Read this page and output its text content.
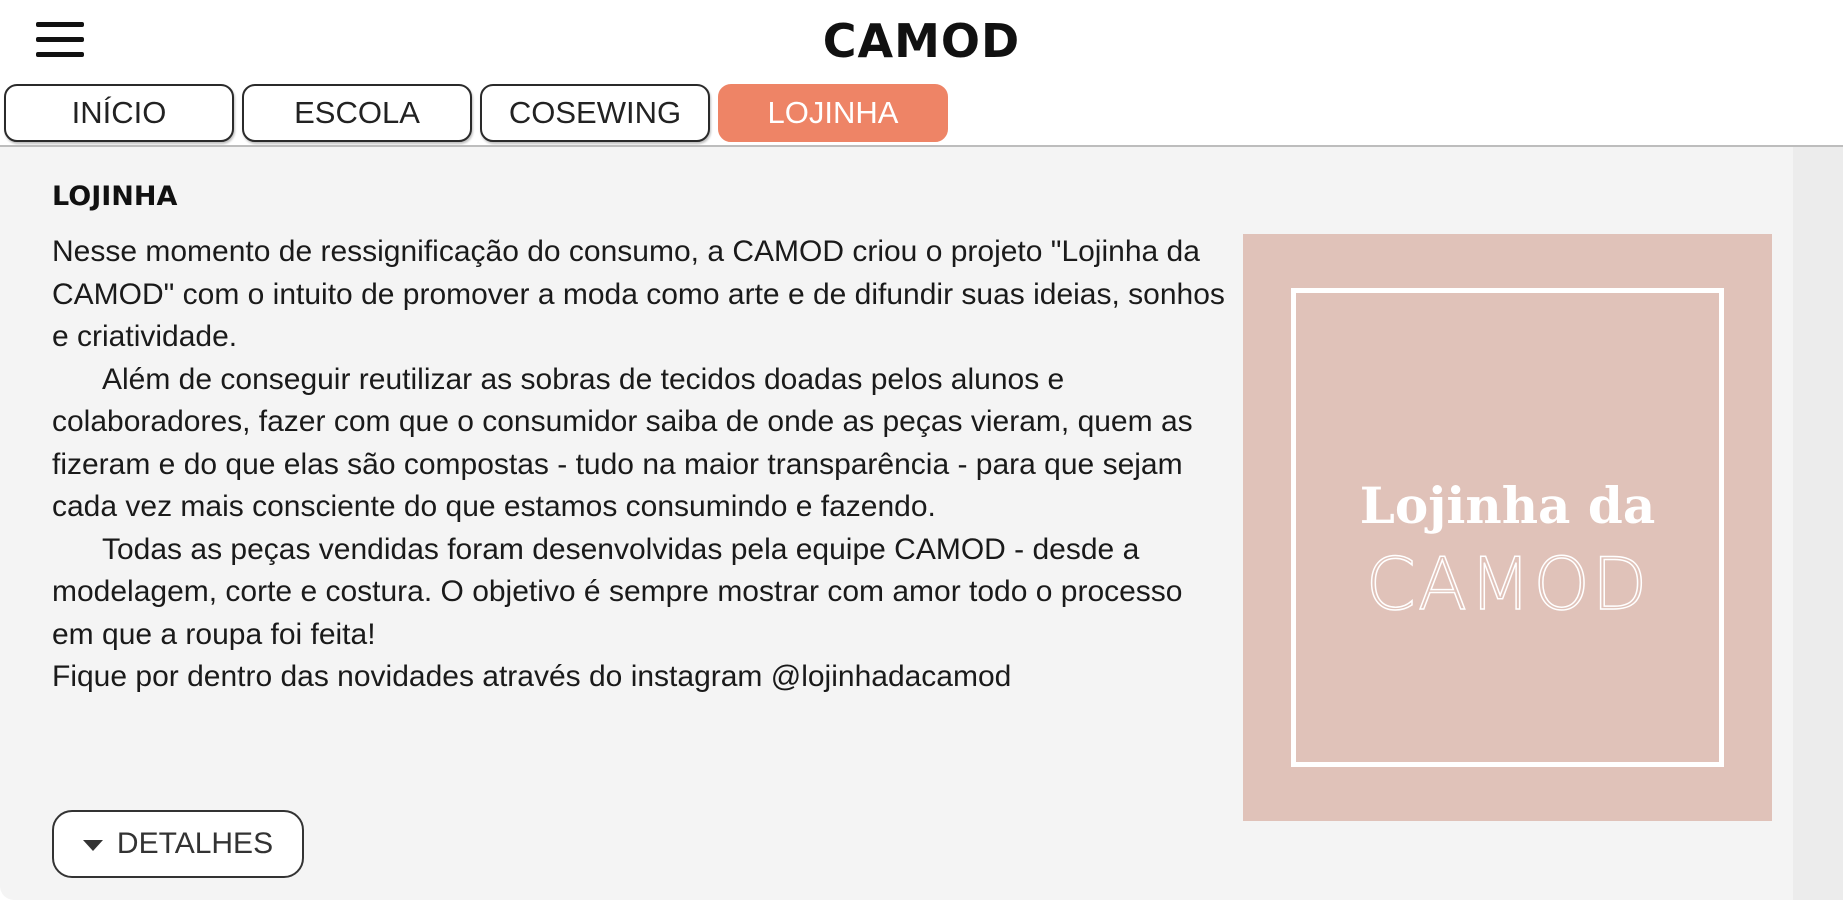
CAMOD
INÍCIO	ESCOLA	COSEWING	LOJINHA
LOJINHA

Nesse momento de ressignificação do consumo, a CAMOD criou o projeto "Lojinha da CAMOD" com o intuito de promover a moda como arte e de difundir suas ideias, sonhos e criatividade.

Além de conseguir reutilizar as sobras de tecidos doadas pelos alunos e colaboradores, fazer com que o consumidor saiba de onde as peças vieram, quem as fizeram e do que elas são compostas - tudo na maior transparência - para que sejam cada vez mais consciente do que estamos consumindo e fazendo.

Todas as peças vendidas foram desenvolvidas pela equipe CAMOD - desde a modelagem, corte e costura. O objetivo é sempre mostrar com amor todo o processo em que a roupa foi feita!

Fique por dentro das novidades através do instagram @lojinhadacamod

DETALHES
Lojinha da
CAMOD
